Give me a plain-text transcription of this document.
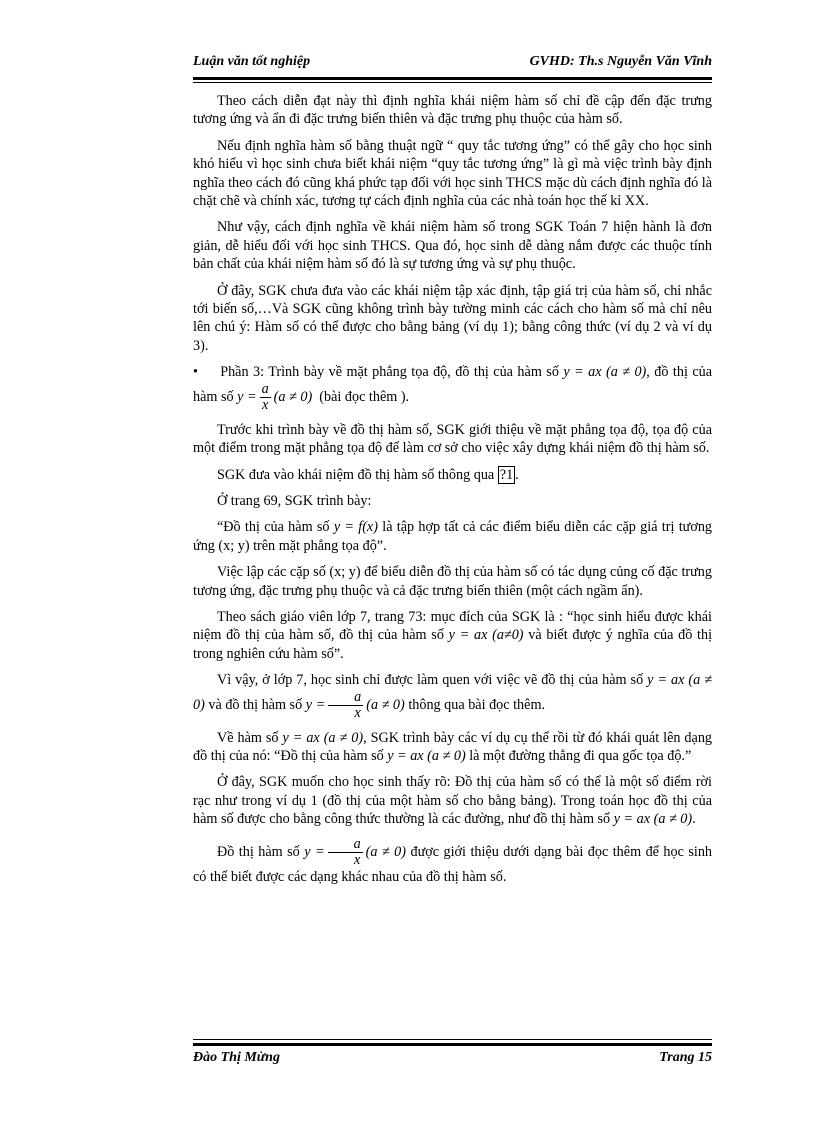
Luận văn tốt nghiệp	GVHD: Th.s Nguyễn Văn Vĩnh

Theo cách diễn đạt này thì định nghĩa khái niệm hàm số chỉ đề cập đến đặc trưng tương ứng và ẩn đi đặc trưng biến thiên và đặc trưng phụ thuộc của hàm số.

Nếu định nghĩa hàm số bằng thuật ngữ “ quy tắc tương ứng” có thể gây cho học sinh khó hiểu vì học sinh chưa biết khái niệm “quy tắc tương ứng” là gì mà việc trình bày định nghĩa theo cách đó cũng khá phức tạp đối với học sinh THCS mặc dù cách định nghĩa đó là chặt chẽ và chính xác, tương tự cách định nghĩa của các nhà toán học thế kỉ XX.

Như vậy, cách định nghĩa về khái niệm hàm số trong SGK Toán 7 hiện hành là đơn giản, dễ hiểu đối với học sinh THCS. Qua đó, học sinh dễ dàng nắm được các thuộc tính bản chất của khái niệm hàm số đó là sự tương ứng và sự phụ thuộc.

Ở đây, SGK chưa đưa vào các khái niệm tập xác định, tập giá trị của hàm số, chỉ nhắc tới biến số,…Và SGK cũng không trình bày tường minh các cách cho hàm số mà chỉ nêu lên chú ý: Hàm số có thể được cho bằng bảng (ví dụ 1); bằng công thức (ví dụ 2 và ví dụ 3).

•     Phần 3: Trình bày về mặt phẳng tọa độ, đồ thị của hàm số y = ax (a ≠ 0), đồ thị của hàm số $y = \frac{a}{x} (a \ne 0)$ (bài đọc thêm ).

Trước khi trình bày về đồ thị hàm số, SGK giới thiệu về mặt phẳng tọa độ, tọa độ của một điểm trong mặt phẳng tọa độ để làm cơ sở cho việc xây dựng khái niệm đồ thị hàm số.

SGK đưa vào khái niệm đồ thị hàm số thông qua ?1 .

Ở trang 69, SGK trình bày:

“Đồ thị của hàm số y = f(x) là tập hợp tất cả các điểm biểu diễn các cặp giá trị tương ứng (x; y) trên mặt phẳng tọa độ”.

Việc lập các cặp số (x; y) để biểu diễn đồ thị của hàm số có tác dụng củng cố đặc trưng tương ứng, đặc trưng phụ thuộc và cả đặc trưng biến thiên (một cách ngầm ẩn).

Theo sách giáo viên lớp 7, trang 73: mục đích của SGK là : “học sinh hiểu được khái niệm đồ thị của hàm số, đồ thị của hàm số y = ax (a≠0) và biết được ý nghĩa của đồ thị trong nghiên cứu hàm số”.

Vì vậy, ở lớp 7, học sinh chỉ được làm quen với việc vẽ đồ thị của hàm số y = ax (a ≠ 0) và đồ thị hàm số $y = \frac{a}{x} (a \ne 0)$ thông qua bài đọc thêm.

Về hàm số y = ax (a ≠ 0), SGK trình bày các ví dụ cụ thể rồi từ đó khái quát lên dạng đồ thị của nó: “Đồ thị của hàm số y = ax (a ≠ 0) là một đường thẳng đi qua gốc tọa độ.”

Ở đây, SGK muốn cho học sinh thấy rõ: Đồ thị của hàm số có thể là một số điểm rời rạc như trong ví dụ 1 (đồ thị của một hàm số cho bằng bảng). Trong toán học đồ thị của hàm số được cho bằng công thức thường là các đường, như đồ thị hàm số y = ax (a ≠ 0).

Đồ thị hàm số $y = \frac{a}{x} (a \ne 0)$ được giới thiệu dưới dạng bài đọc thêm để học sinh có thể biết được các dạng khác nhau của đồ thị hàm số.

Đào Thị Mừng	Trang 15
